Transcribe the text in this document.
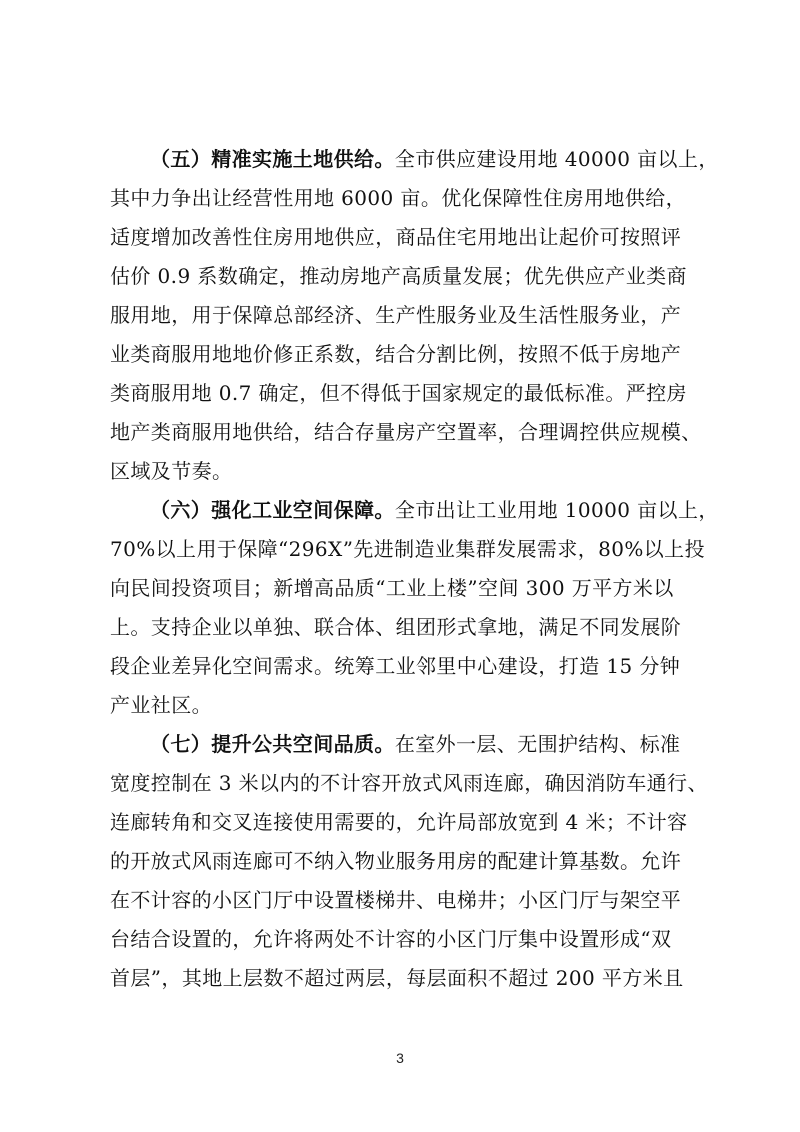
（五）精准实施土地供给。全市供应建设用地 40000 亩以上，
其中力争出让经营性用地 6000 亩。优化保障性住房用地供给，
适度增加改善性住房用地供应，商品住宅用地出让起价可按照评
估价 0.9 系数确定，推动房地产高质量发展；优先供应产业类商
服用地，用于保障总部经济、生产性服务业及生活性服务业，产
业类商服用地地价修正系数，结合分割比例，按照不低于房地产
类商服用地 0.7 确定，但不得低于国家规定的最低标准。严控房
地产类商服用地供给，结合存量房产空置率，合理调控供应规模、
区域及节奏。
（六）强化工业空间保障。全市出让工业用地 10000 亩以上，
70%以上用于保障“296X”先进制造业集群发展需求，80%以上投
向民间投资项目；新增高品质“工业上楼”空间 300 万平方米以
上。支持企业以单独、联合体、组团形式拿地，满足不同发展阶
段企业差异化空间需求。统筹工业邻里中心建设，打造 15 分钟
产业社区。
（七）提升公共空间品质。在室外一层、无围护结构、标准
宽度控制在 3 米以内的不计容开放式风雨连廊，确因消防车通行、
连廊转角和交叉连接使用需要的，允许局部放宽到 4 米；不计容
的开放式风雨连廊可不纳入物业服务用房的配建计算基数。允许
在不计容的小区门厅中设置楼梯井、电梯井；小区门厅与架空平
台结合设置的，允许将两处不计容的小区门厅集中设置形成“双
首层”，其地上层数不超过两层，每层面积不超过 200 平方米且
3
